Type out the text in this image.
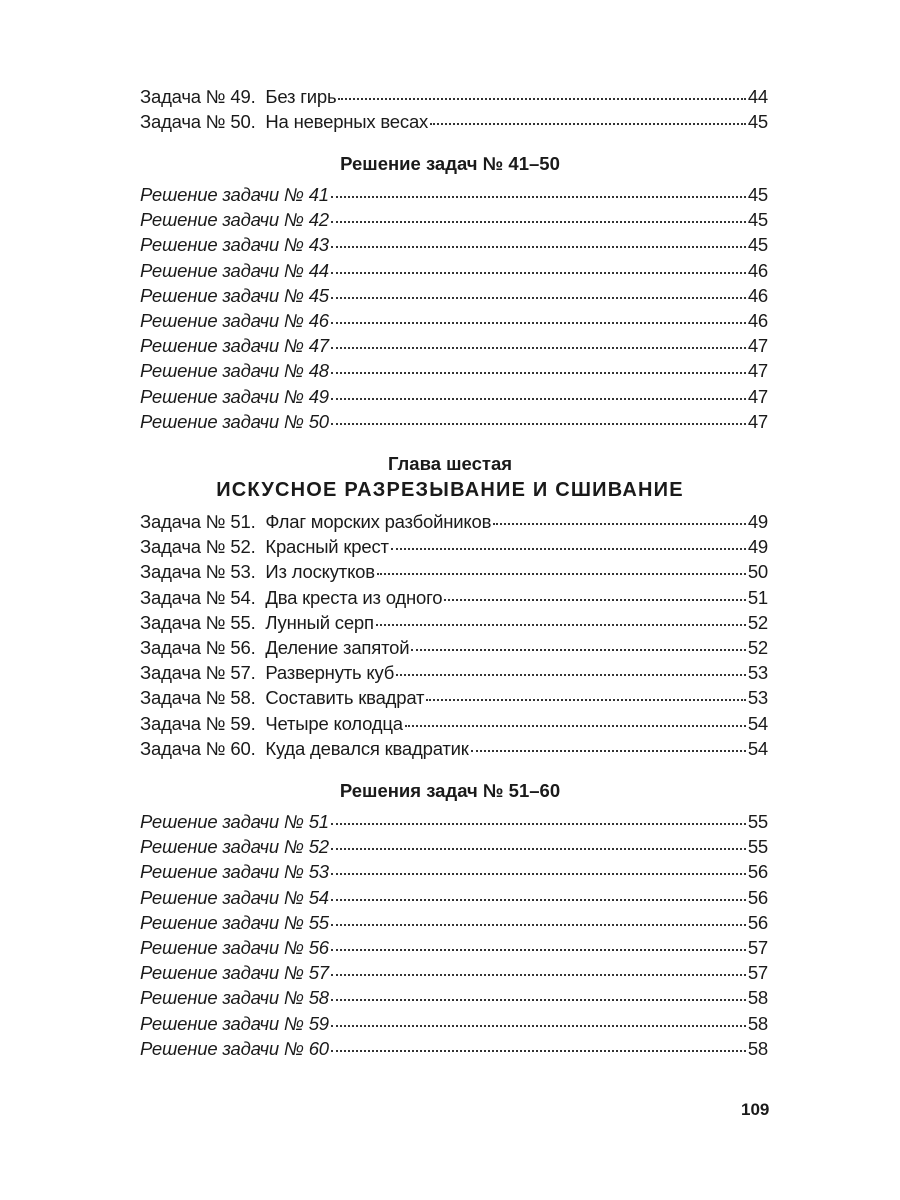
Задача № 49.  Без гирь	44
Задача № 50.  На неверных весах	45
Решение задач № 41–50
Решение задачи № 41	45
Решение задачи № 42	45
Решение задачи № 43	45
Решение задачи № 44	46
Решение задачи № 45	46
Решение задачи № 46	46
Решение задачи № 47	47
Решение задачи № 48	47
Решение задачи № 49	47
Решение задачи № 50	47
Глава шестая
ИСКУСНОЕ РАЗРЕЗЫВАНИЕ И СШИВАНИЕ
Задача № 51.  Флаг морских разбойников	49
Задача № 52.  Красный крест	49
Задача № 53.  Из лоскутков	50
Задача № 54.  Два креста из одного	51
Задача № 55.  Лунный серп	52
Задача № 56.  Деление запятой	52
Задача № 57.  Развернуть куб	53
Задача № 58.  Составить квадрат	53
Задача № 59.  Четыре колодца	54
Задача № 60.  Куда девался квадратик	54
Решения задач № 51–60
Решение задачи № 51	55
Решение задачи № 52	55
Решение задачи № 53	56
Решение задачи № 54	56
Решение задачи № 55	56
Решение задачи № 56	57
Решение задачи № 57	57
Решение задачи № 58	58
Решение задачи № 59	58
Решение задачи № 60	58
109
